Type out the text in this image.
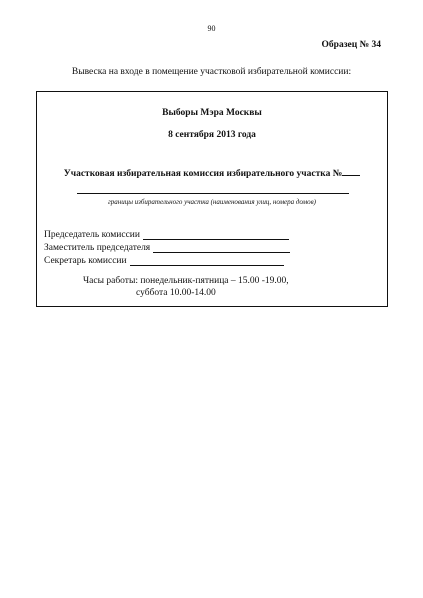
90
Образец № 34
Вывеска на входе в помещение участковой избирательной комиссии:
Выборы Мэра Москвы
8 сентября 2013 года
Участковая избирательная комиссия избирательного участка №
границы избирательного участка (наименования улиц, номера домов)
Председатель комиссии
Заместитель председателя
Секретарь комиссии
Часы работы: понедельник-пятница – 15.00 -19.00,
суббота 10.00-14.00
